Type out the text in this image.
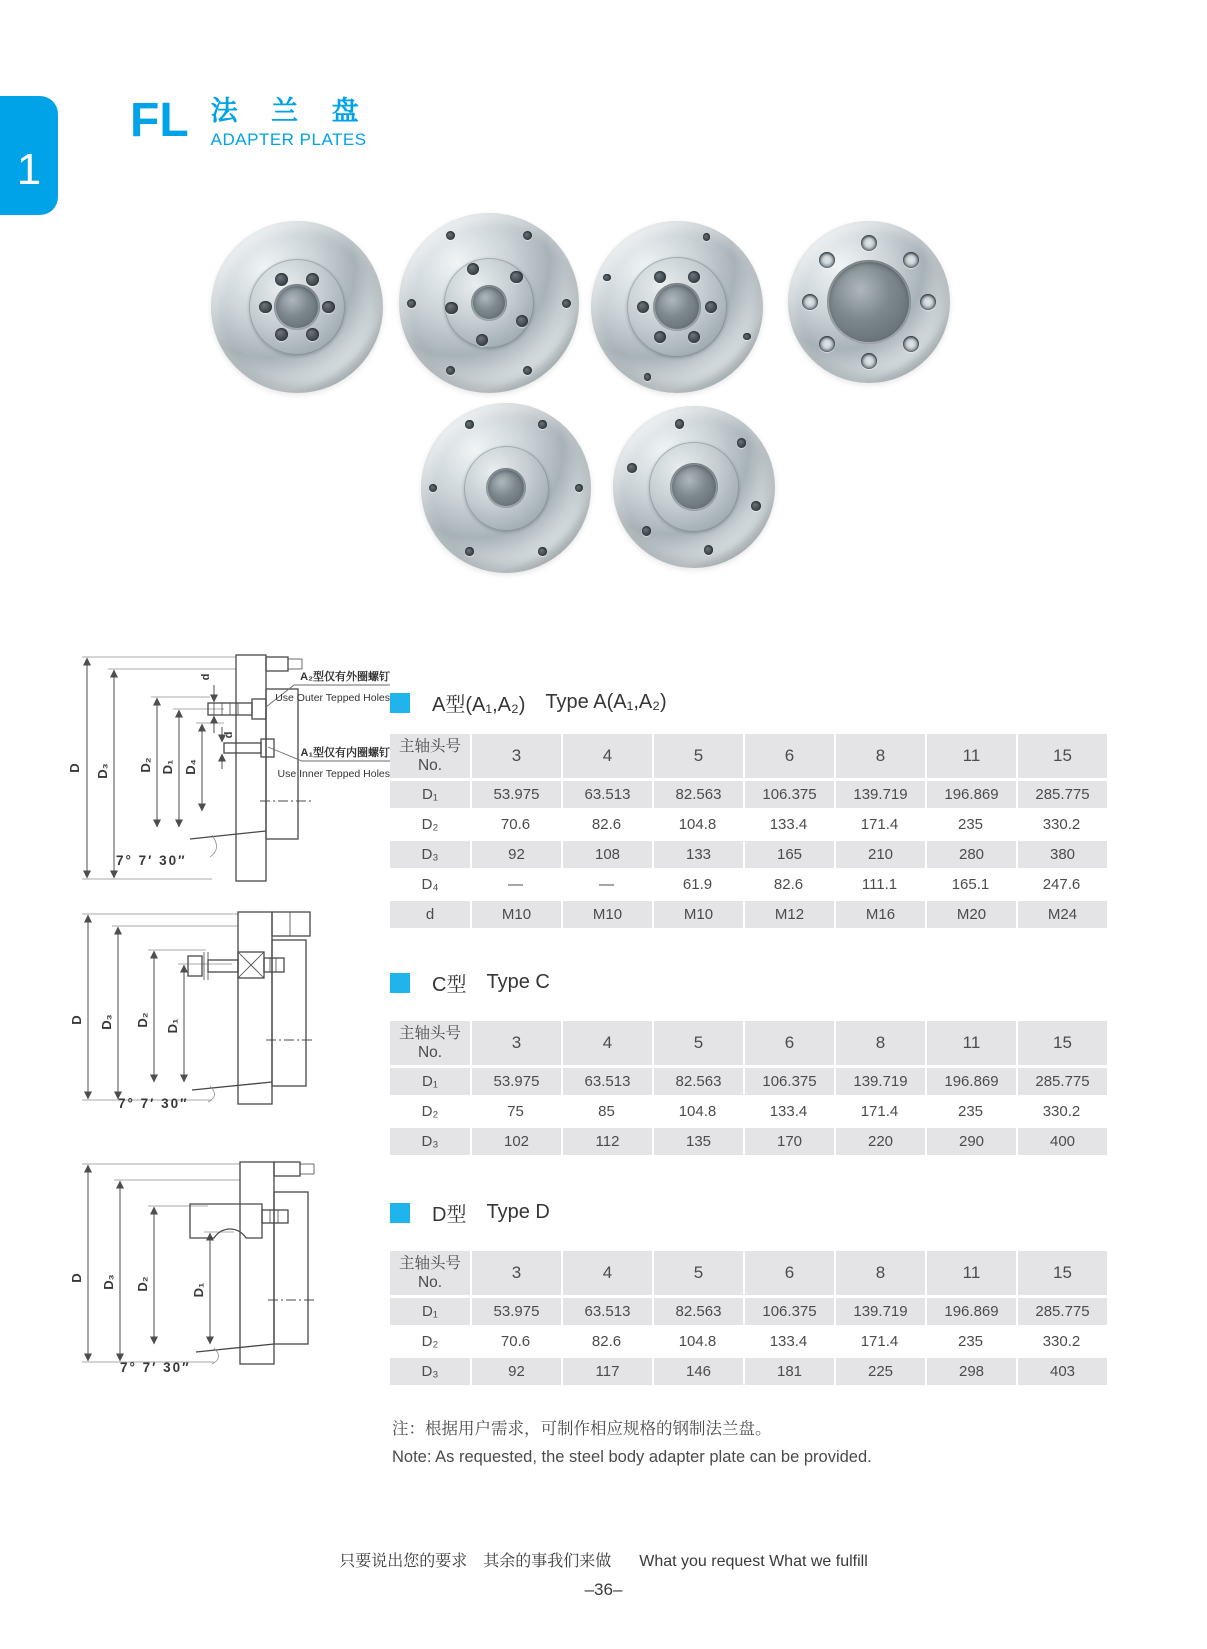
1
FL 法 兰 盘
ADAPTER PLATES
D D₃ D₂ D₁ D₄
d
d
7° 7′ 30″
A₂型仅有外圈螺钉
Use Outer Tepped Holes
A₁型仅有内圈螺钉
Use Inner Tepped Holes
D D₃ D₂ D₁
7° 7′ 30″
D D₃ D₂	D₁
7° 7′ 30″
A型(A₁,A₂) Type A(A₁,A₂)
主轴头号
No.	3	4	5	6	8	11	15
D₁	53.975	63.513	82.563	106.375	139.719	196.869	285.775
D₂	70.6	82.6	104.8	133.4	171.4	235	330.2
D₃	92	108	133	165	210	280	380
D₄	—	—	61.9	82.6	111.1	165.1	247.6
d	M10	M10	M10	M12	M16	M20	M24
C型 Type C
主轴头号
No.	3	4	5	6	8	11	15
D₁	53.975	63.513	82.563	106.375	139.719	196.869	285.775
D₂	75	85	104.8	133.4	171.4	235	330.2
D₃	102	112	135	170	220	290	400
D型 Type D
主轴头号
No.	3	4	5	6	8	11	15
D₁	53.975	63.513	82.563	106.375	139.719	196.869	285.775
D₂	70.6	82.6	104.8	133.4	171.4	235	330.2
D₃	92	117	146	181	225	298	403
注：根据用户需求，可制作相应规格的钢制法兰盘。
Note: As requested, the steel body adapter plate can be provided.
只要说出您的要求　其余的事我们来做 What you request What we fulfill
–36–
